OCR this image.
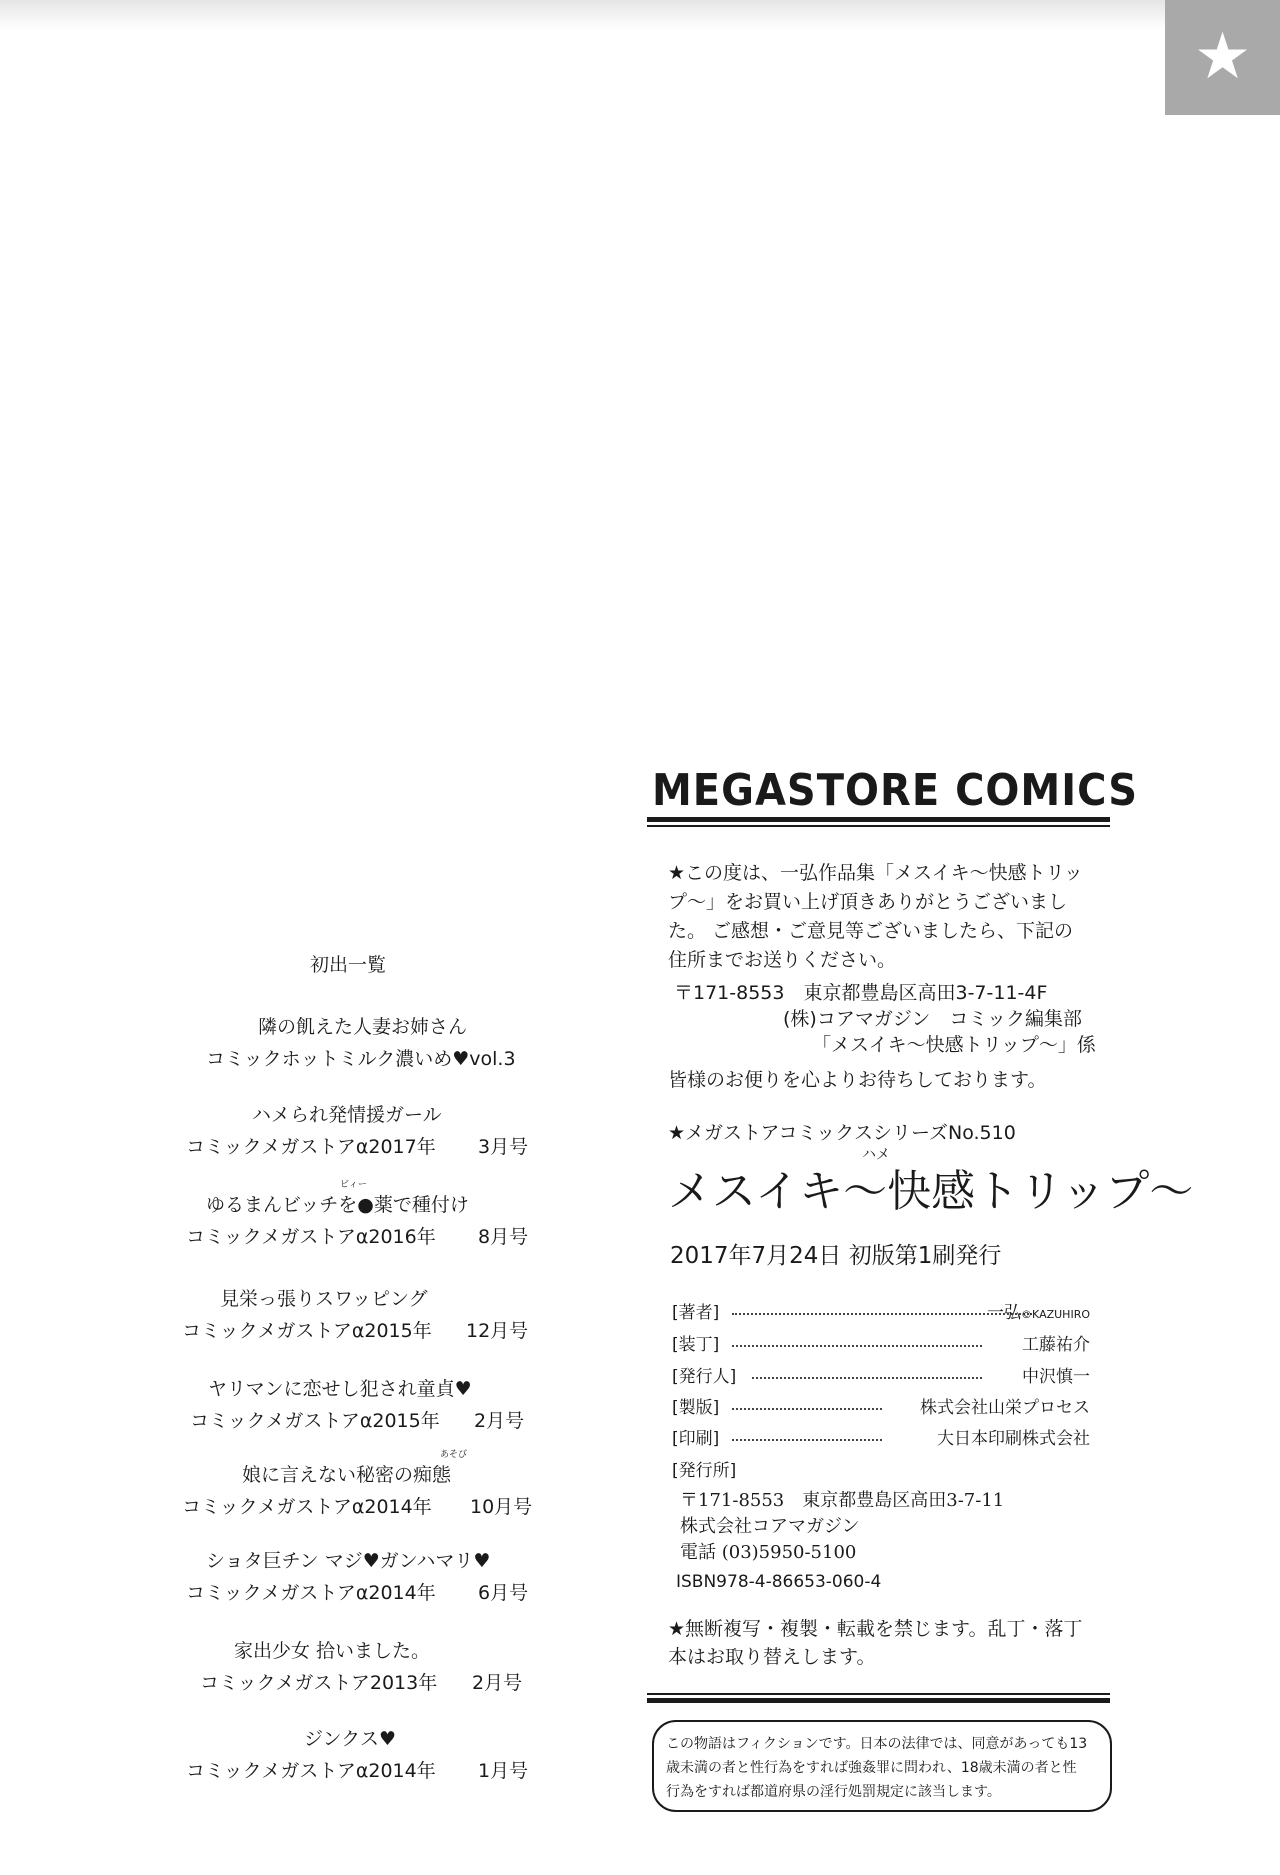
★
初出一覧
隣の飢えた人妻お姉さん
コミックホットミルク濃いめ♥vol.3
ハメられ発情援ガール
コミックメガストアα2017年 3月号
ビィー
ゆるまんビッチを●薬で種付け
コミックメガストアα2016年 8月号
見栄っ張りスワッピング
コミックメガストアα2015年 12月号
ヤリマンに恋せし犯され童貞♥
コミックメガストアα2015年 2月号
あそび
娘に言えない秘密の痴態
コミックメガストアα2014年 10月号
ショタ巨チン マジ♥ガンハマリ♥
コミックメガストアα2014年 6月号
家出少女 拾いました。
コミックメガストア2013年 2月号
ジンクス♥
コミックメガストアα2014年 1月号
MEGASTORE COMICS
★この度は、一弘作品集「メスイキ～快感トリッ
プ～」をお買い上げ頂きありがとうございまし
た。 ご感想・ご意見等ございましたら、下記の
住所までお送りください。
〒171-8553　東京都豊島区高田3-7-11-4F
(株)コアマガジン　コミック編集部
「メスイキ～快感トリップ～」係
皆様のお便りを心よりお待ちしております。
★メガストアコミックスシリーズNo.510
ハメ
メスイキ～快感トリップ～
2017年7月24日 初版第1刷発行
[著者]	一弘©KAZUHIRO
[装丁]	工藤祐介
[発行人]	中沢慎一
[製版]	株式会社山栄プロセス
[印刷]	大日本印刷株式会社
[発行所]
〒171-8553　東京都豊島区高田3-7-11
株式会社コアマガジン
電話 (03)5950-5100
ISBN978-4-86653-060-4
★無断複写・複製・転載を禁じます。乱丁・落丁
本はお取り替えします。
この物語はフィクションです。日本の法律では、同意があっても13
歳未満の者と性行為をすれば強姦罪に問われ、18歳未満の者と性
行為をすれば都道府県の淫行処罰規定に該当します。
